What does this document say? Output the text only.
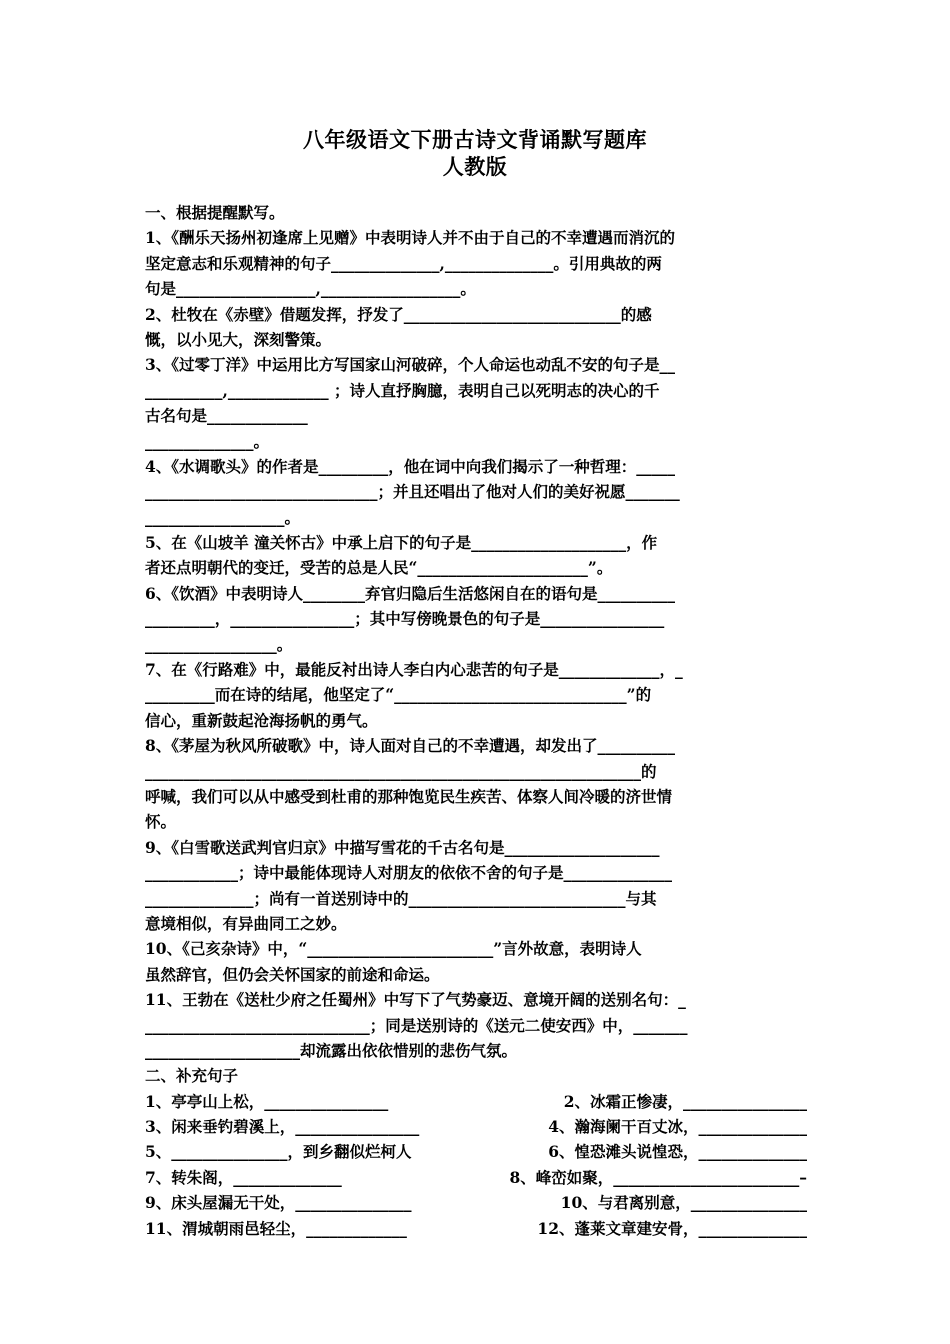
八年级语文下册古诗文背诵默写题库
人教版
一、根据提醒默写。
1、《酬乐天扬州初逢席上见赠》中表明诗人并不由于自己的不幸遭遇而消沉的
坚定意志和乐观精神的句子______________,______________。引用典故的两
句是__________________,__________________。
2、杜牧在《赤壁》借题发挥，抒发了____________________________的感
慨，以小见大，深刻警策。
3、《过零丁洋》中运用比方写国家山河破碎，个人命运也动乱不安的句子是__
__________,_____________ ；诗人直抒胸臆，表明自己以死明志的决心的千
古名句是_____________
______________。
4、《水调歌头》的作者是_________，他在词中向我们揭示了一种哲理：_____
______________________________；并且还唱出了他对人们的美好祝愿_______
__________________。
5、在《山坡羊 潼关怀古》中承上启下的句子是____________________，作
者还点明朝代的变迁，受苦的总是人民“______________________”。
6、《饮酒》中表明诗人________弃官归隐后生活悠闲自在的语句是__________
_________，________________；其中写傍晚景色的句子是________________
_________________。
7、在《行路难》中，最能反衬出诗人李白内心悲苦的句子是_____________，_
_________而在诗的结尾，他坚定了“______________________________”的
信心，重新鼓起沧海扬帆的勇气。
8、《茅屋为秋风所破歌》中，诗人面对自己的不幸遭遇，却发出了__________
________________________________________________________________的
呼喊，我们可以从中感受到杜甫的那种饱览民生疾苦、体察人间冷暖的济世情
怀。
9、《白雪歌送武判官归京》中描写雪花的千古名句是____________________
____________；诗中最能体现诗人对朋友的依依不舍的句子是______________
______________；尚有一首送别诗中的____________________________与其
意境相似，有异曲同工之妙。
10、《己亥杂诗》中，“________________________”言外故意，表明诗人
虽然辞官，但仍会关怀国家的前途和命运。
11、王勃在《送杜少府之任蜀州》中写下了气势豪迈、意境开阔的送别名句：_
_____________________________；同是送别诗的《送元二使安西》中，_______
____________________却流露出依依惜别的悲伤气氛。
二、补充句子
1、亭亭山上松，________________	2、冰霜正惨凄，________________
3、闲来垂钓碧溪上，________________	4、瀚海阑干百丈冰，______________
5、_______________，到乡翻似烂柯人	6、惶恐滩头说惶恐，______________
7、转朱阁，______________	8、峰峦如聚，________________________–
9、床头屋漏无干处，_______________	10、与君离别意，_______________
11、渭城朝雨邑轻尘，_____________	12、蓬莱文章建安骨，______________
